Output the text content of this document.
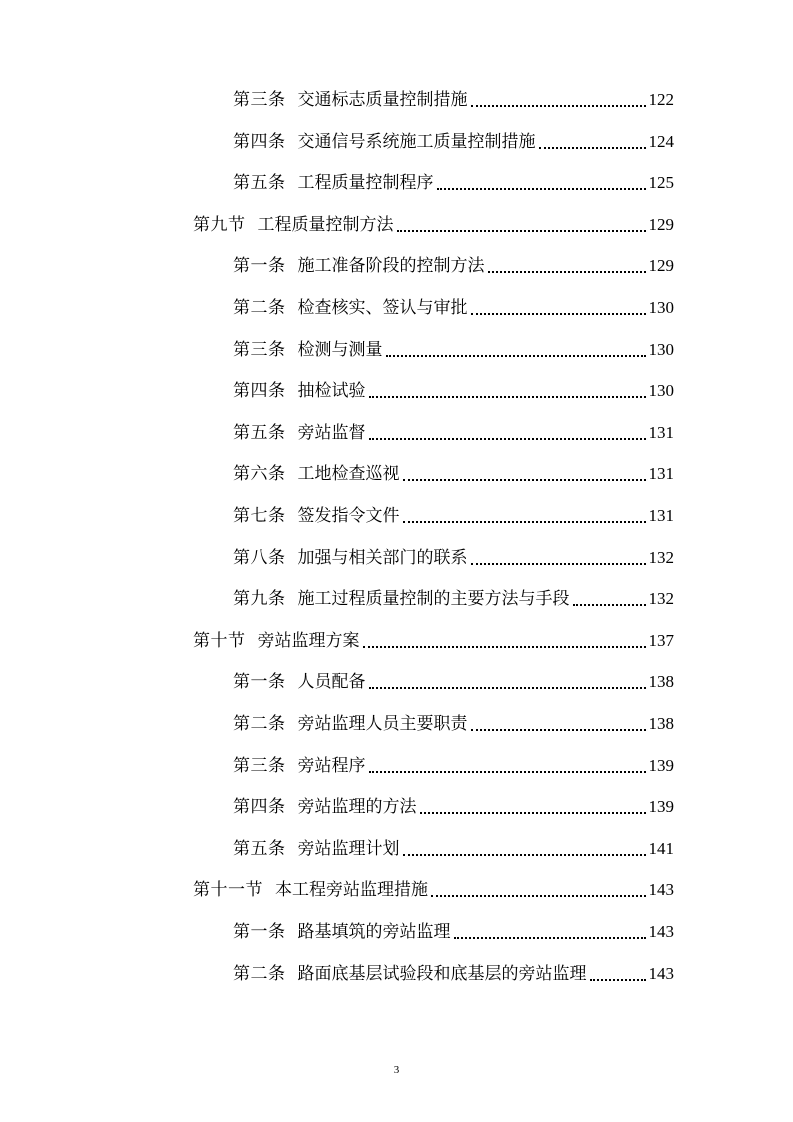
第三条 交通标志质量控制措施	122
第四条 交通信号系统施工质量控制措施	124
第五条 工程质量控制程序	125
第九节 工程质量控制方法	129
第一条 施工准备阶段的控制方法	129
第二条 检查核实、签认与审批	130
第三条 检测与测量	130
第四条 抽检试验	130
第五条 旁站监督	131
第六条 工地检查巡视	131
第七条 签发指令文件	131
第八条 加强与相关部门的联系	132
第九条 施工过程质量控制的主要方法与手段	132
第十节 旁站监理方案	137
第一条 人员配备	138
第二条 旁站监理人员主要职责	138
第三条 旁站程序	139
第四条 旁站监理的方法	139
第五条 旁站监理计划	141
第十一节 本工程旁站监理措施	143
第一条 路基填筑的旁站监理	143
第二条 路面底基层试验段和底基层的旁站监理	143
3
